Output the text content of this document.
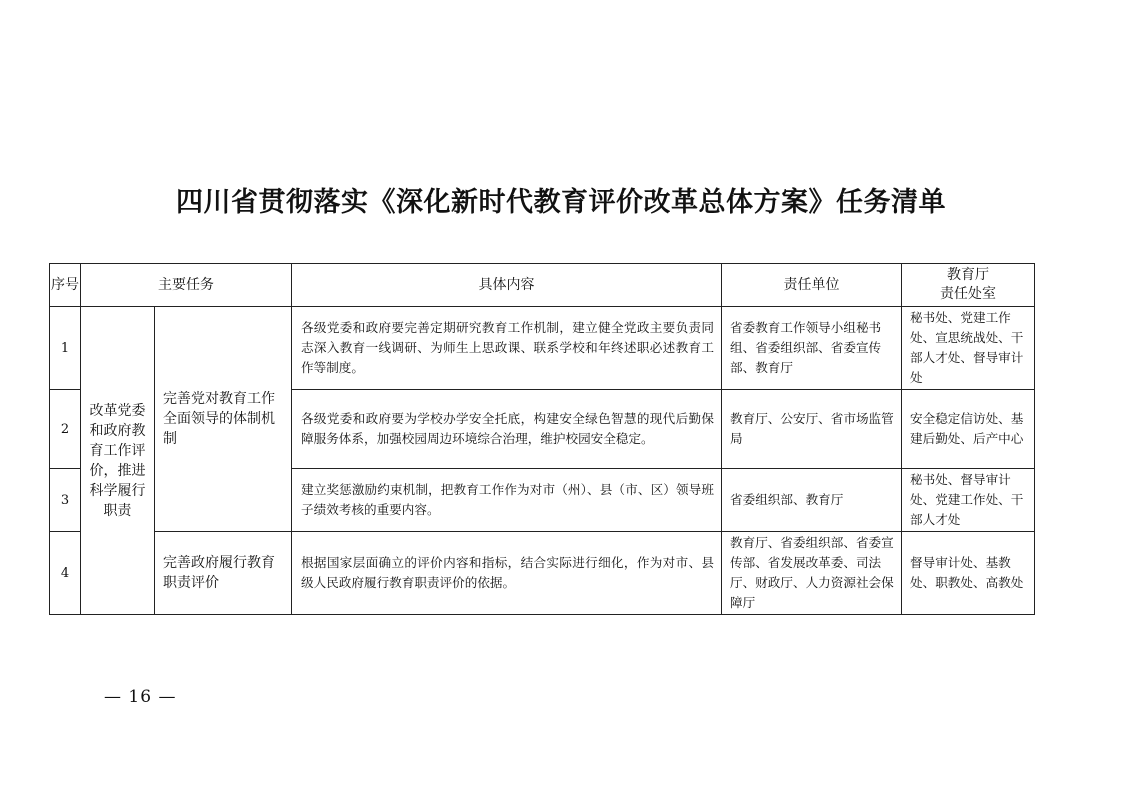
四川省贯彻落实《深化新时代教育评价改革总体方案》任务清单
序号	主要任务		具体内容	责任单位	教育厅
责任处室
1	改革党委和政府教育工作评价，推进科学履行职责	完善党对教育工作全面领导的体制机制	各级党委和政府要完善定期研究教育工作机制，建立健全党政主要负责同志深入教育一线调研、为师生上思政课、联系学校和年终述职必述教育工作等制度。	省委教育工作领导小组秘书组、省委组织部、省委宣传部、教育厅	秘书处、党建工作处、宣思统战处、干部人才处、督导审计处
2			各级党委和政府要为学校办学安全托底，构建安全绿色智慧的现代后勤保障服务体系，加强校园周边环境综合治理，维护校园安全稳定。	教育厅、公安厅、省市场监管局	安全稳定信访处、基建后勤处、后产中心
3			建立奖惩激励约束机制，把教育工作作为对市（州）、县（市、区）领导班子绩效考核的重要内容。	省委组织部、教育厅	秘书处、督导审计处、党建工作处、干部人才处
4		完善政府履行教育职责评价	根据国家层面确立的评价内容和指标，结合实际进行细化，作为对市、县级人民政府履行教育职责评价的依据。	教育厅、省委组织部、省委宣传部、省发展改革委、司法厅、财政厅、人力资源社会保障厅	督导审计处、基教处、职教处、高教处
— 16 —
